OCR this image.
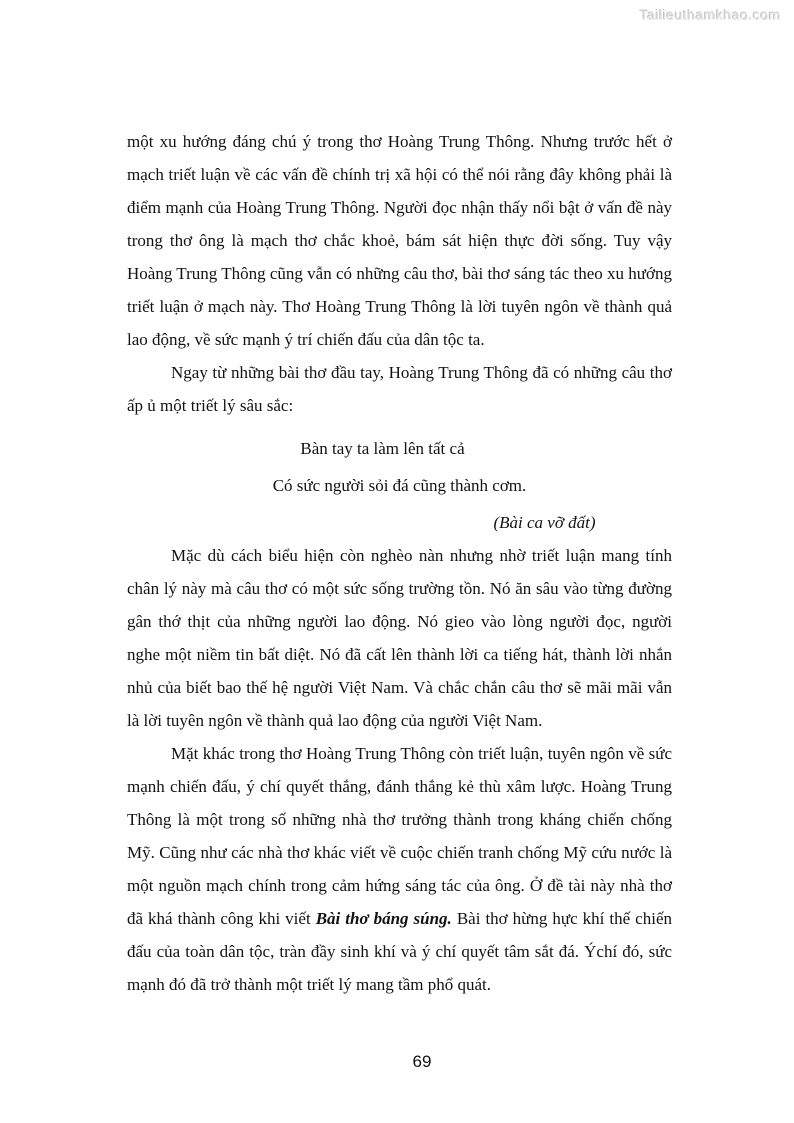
Tailieuthamkhao.com

một xu hướng đáng chú ý trong thơ Hoàng Trung Thông. Nhưng trước hết ở mạch triết luận về các vấn đề chính trị xã hội có thể nói rằng đây không phải là điểm mạnh của Hoàng Trung Thông. Người đọc nhận thấy nổi bật ở vấn đề này trong thơ ông là mạch thơ chắc khoẻ, bám sát hiện thực đời sống. Tuy vậy Hoàng Trung Thông cũng vẫn có những câu thơ, bài thơ sáng tác theo xu hướng triết luận ở mạch này. Thơ Hoàng Trung Thông là lời tuyên ngôn về thành quả lao động, về sức mạnh ý trí chiến đấu của dân tộc ta.

Ngay từ những bài thơ đầu tay, Hoàng Trung Thông đã có những câu thơ ấp ủ một triết lý sâu sắc:

Bàn tay ta làm lên tất cả
Có sức người sỏi đá cũng thành cơm.
(Bài ca vỡ đất)

Mặc dù cách biểu hiện còn nghèo nàn nhưng nhờ triết luận mang tính chân lý này mà câu thơ có một sức sống trường tồn. Nó ăn sâu vào từng đường gân thớ thịt của những người lao động. Nó gieo vào lòng người đọc, người nghe một niềm tin bất diệt. Nó đã cất lên thành lời ca tiếng hát, thành lời nhắn nhủ của biết bao thế hệ người Việt Nam. Và chắc chắn câu thơ sẽ mãi mãi vẫn là lời tuyên ngôn về thành quả lao động của người Việt Nam.

Mặt khác trong thơ Hoàng Trung Thông còn triết luận, tuyên ngôn về sức mạnh chiến đấu, ý chí quyết thắng, đánh thắng kẻ thù xâm lược. Hoàng Trung Thông là một trong số những nhà thơ trưởng thành trong kháng chiến chống Mỹ. Cũng như các nhà thơ khác viết về cuộc chiến tranh chống Mỹ cứu nước là một nguồn mạch chính trong cảm hứng sáng tác của ông. Ở đề tài này nhà thơ đã khá thành công khi viết Bài thơ báng súng. Bài thơ hừng hực khí thế chiến đấu của toàn dân tộc, tràn đầy sinh khí và ý chí quyết tâm sắt đá. Ýchí đó, sức mạnh đó đã trở thành một triết lý mang tầm phổ quát.

69
